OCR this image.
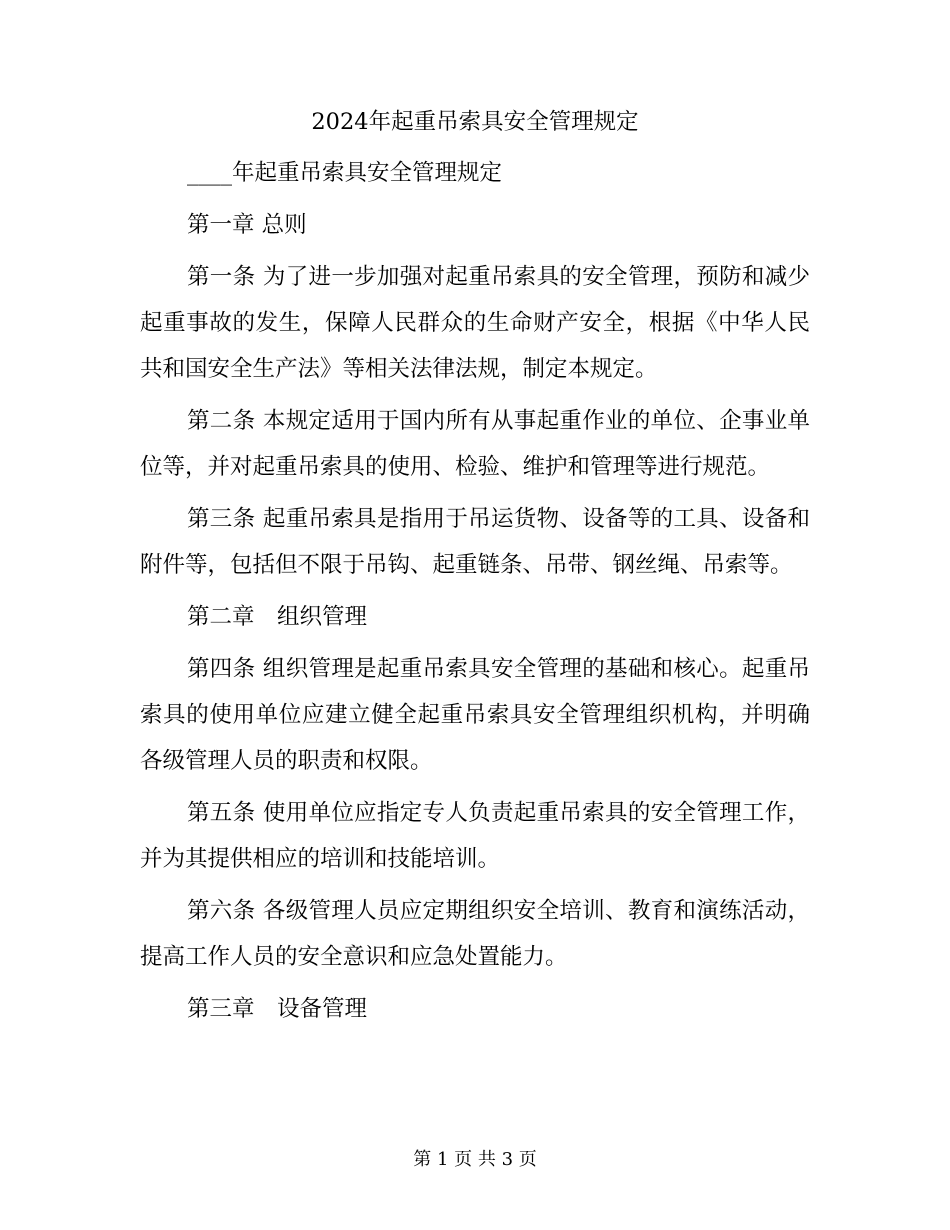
2024年起重吊索具安全管理规定

____年起重吊索具安全管理规定

第一章 总则

第一条 为了进一步加强对起重吊索具的安全管理，预防和减少起重事故的发生，保障人民群众的生命财产安全，根据《中华人民共和国安全生产法》等相关法律法规，制定本规定。

第二条 本规定适用于国内所有从事起重作业的单位、企事业单位等，并对起重吊索具的使用、检验、维护和管理等进行规范。

第三条 起重吊索具是指用于吊运货物、设备等的工具、设备和附件等，包括但不限于吊钩、起重链条、吊带、钢丝绳、吊索等。

第二章　组织管理

第四条 组织管理是起重吊索具安全管理的基础和核心。起重吊索具的使用单位应建立健全起重吊索具安全管理组织机构，并明确各级管理人员的职责和权限。

第五条 使用单位应指定专人负责起重吊索具的安全管理工作，并为其提供相应的培训和技能培训。

第六条 各级管理人员应定期组织安全培训、教育和演练活动，提高工作人员的安全意识和应急处置能力。

第三章　设备管理

第 1 页 共 3 页
